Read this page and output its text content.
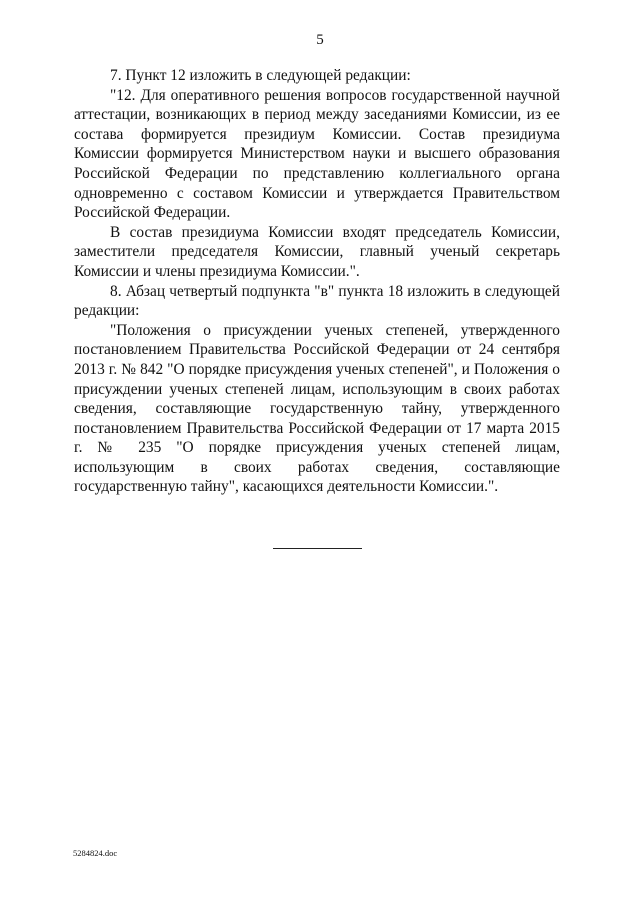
5

7. Пункт 12 изложить в следующей редакции:

"12. Для оперативного решения вопросов государственной научной аттестации, возникающих в период между заседаниями Комиссии, из ее состава формируется президиум Комиссии. Состав президиума Комиссии формируется Министерством науки и высшего образования Российской Федерации по представлению коллегиального органа одновременно с составом Комиссии и утверждается Правительством Российской Федерации.

В состав президиума Комиссии входят председатель Комиссии, заместители председателя Комиссии, главный ученый секретарь Комиссии и члены президиума Комиссии.".

8. Абзац четвертый подпункта "в" пункта 18 изложить в следующей редакции:

"Положения о присуждении ученых степеней, утвержденного постановлением Правительства Российской Федерации от 24 сентября 2013 г. № 842 "О порядке присуждения ученых степеней", и Положения о присуждении ученых степеней лицам, использующим в своих работах сведения, составляющие государственную тайну, утвержденного постановлением Правительства Российской Федерации от 17 марта 2015 г. № 235 "О порядке присуждения ученых степеней лицам, использующим в своих работах сведения, составляющие государственную тайну", касающихся деятельности Комиссии.".

5284824.doc
